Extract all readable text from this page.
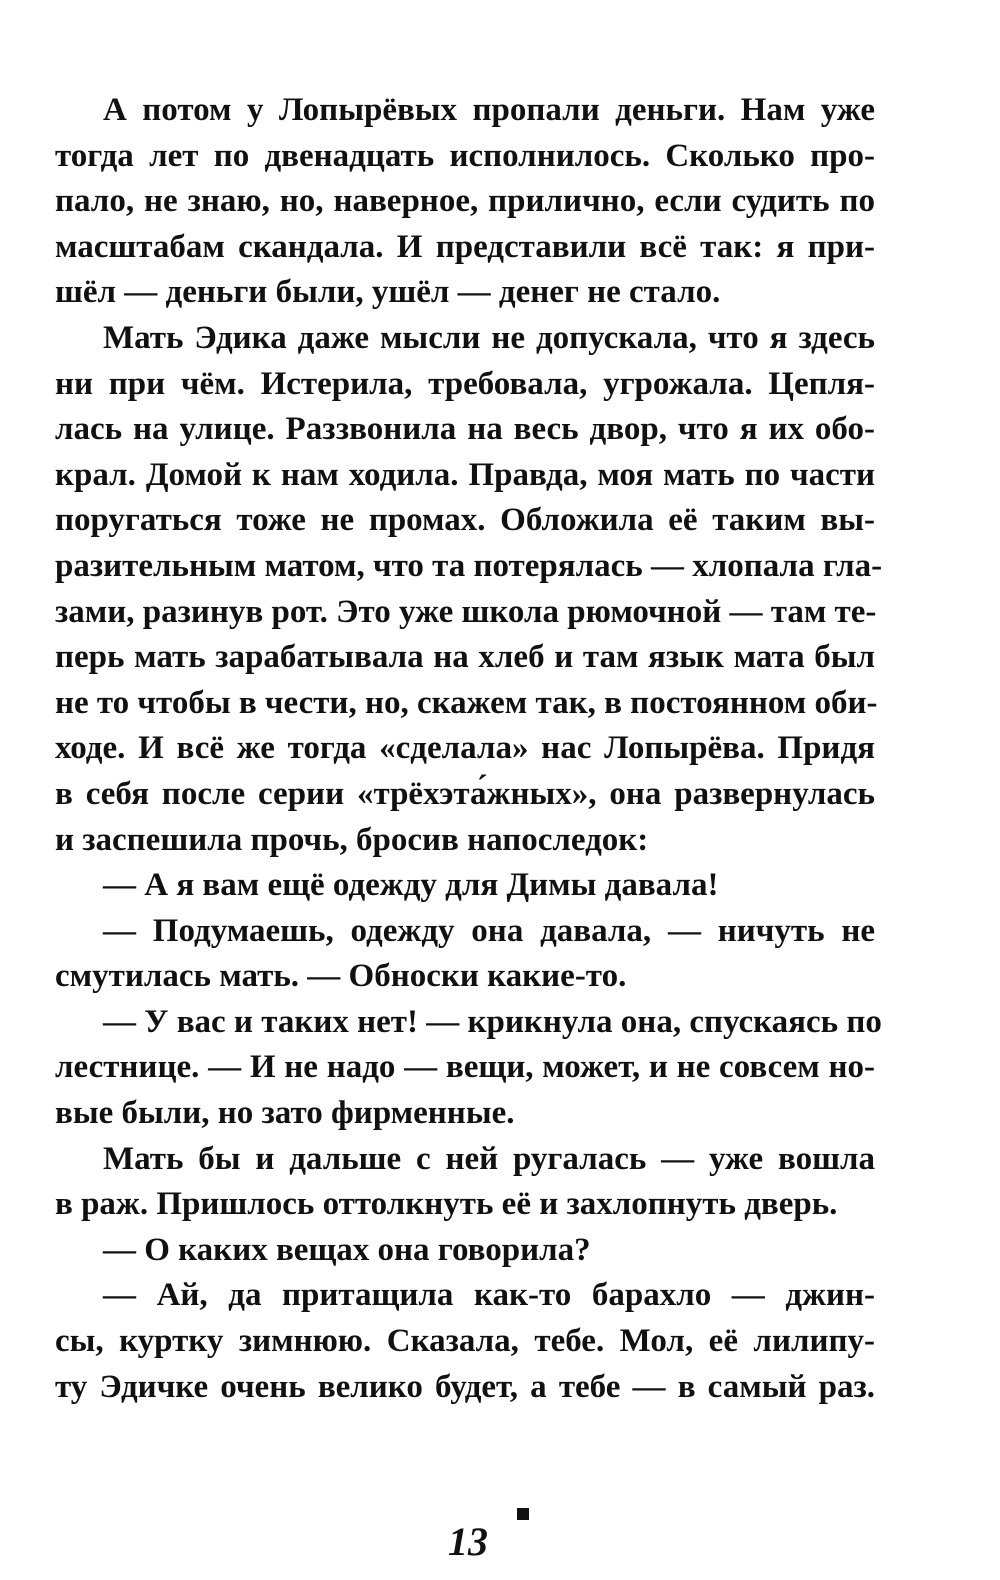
А потом у Лопырёвых пропали деньги. Нам уже
тогда лет по двенадцать исполнилось. Сколько про-
пало, не знаю, но, наверное, прилично, если судить по
масштабам скандала. И представили всё так: я при-
шёл — деньги были, ушёл — денег не стало.
Мать Эдика даже мысли не допускала, что я здесь
ни при чём. Истерила, требовала, угрожала. Цепля-
лась на улице. Раззвонила на весь двор, что я их обо-
крал. Домой к нам ходила. Правда, моя мать по части
поругаться тоже не промах. Обложила её таким вы-
разительным матом, что та потерялась — хлопала гла-
зами, разинув рот. Это уже школа рюмочной — там те-
перь мать зарабатывала на хлеб и там язык мата был
не то чтобы в чести, но, скажем так, в постоянном оби-
ходе. И всё же тогда «сделала» нас Лопырёва. Придя
в себя после серии «трёхэта́жных», она развернулась
и заспешила прочь, бросив напоследок:
— А я вам ещё одежду для Димы давала!
— Подумаешь, одежду она давала, — ничуть не
смутилась мать. — Обноски какие-то.
— У вас и таких нет! — крикнула она, спускаясь по
лестнице. — И не надо — вещи, может, и не совсем но-
вые были, но зато фирменные.
Мать бы и дальше с ней ругалась — уже вошла
в раж. Пришлось оттолкнуть её и захлопнуть дверь.
— О каких вещах она говорила?
— Ай, да притащила как-то барахло — джин-
сы, куртку зимнюю. Сказала, тебе. Мол, её лилипу-
ту Эдичке очень велико будет, а тебе — в самый раз.
13
